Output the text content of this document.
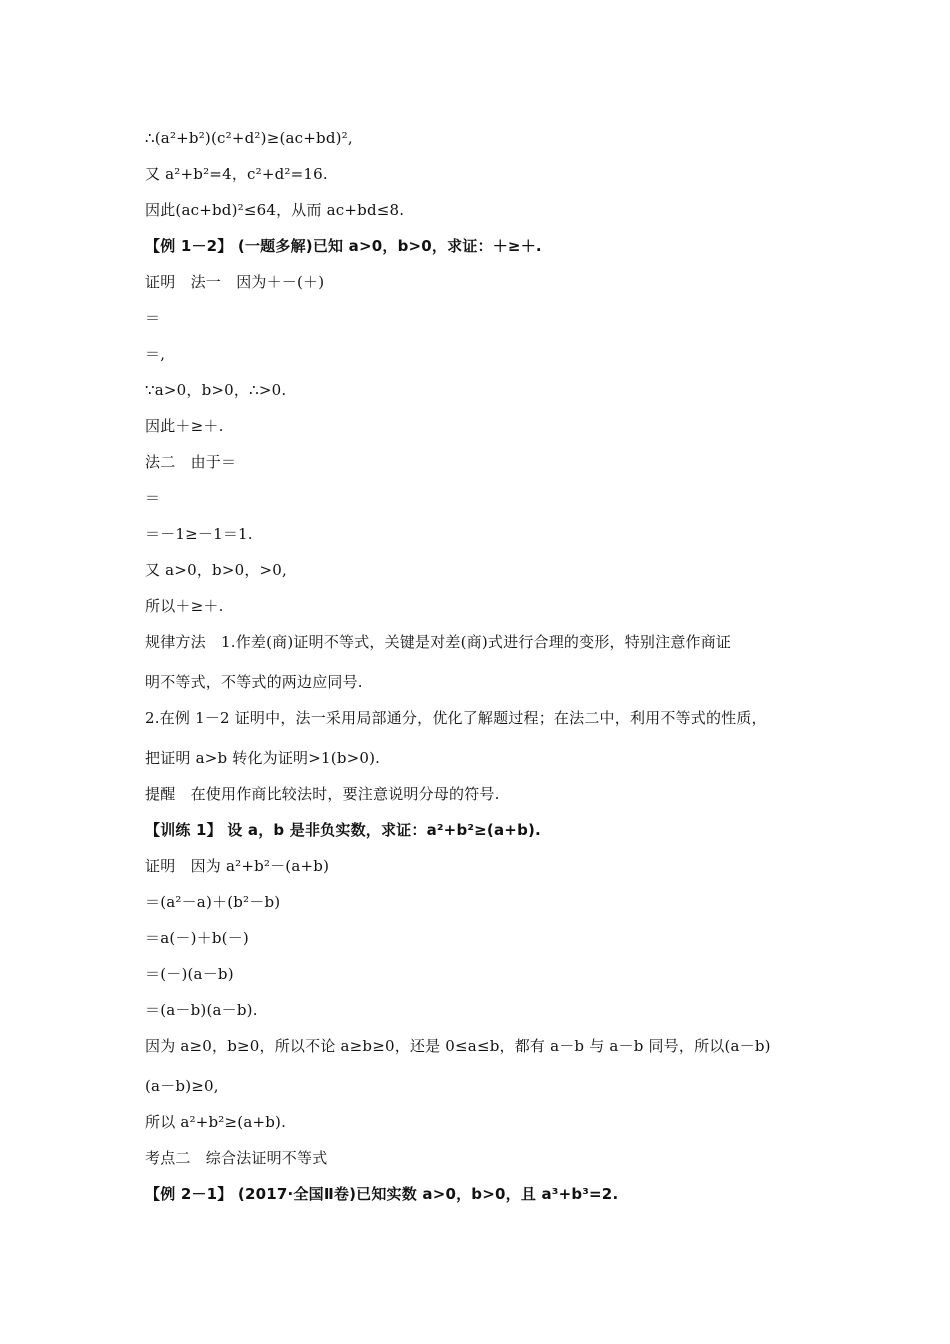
∴(a²+b²)(c²+d²)≥(ac+bd)²,
又 a²+b²=4，c²+d²=16.
因此(ac+bd)²≤64，从而 ac+bd≤8.
【例 1－2】 (一题多解)已知 a>0，b>0，求证：＋≥＋.
证明　法一　因为＋－(＋)
＝
＝,
∵a>0，b>0，∴>0.
因此＋≥＋.
法二　由于＝
＝
＝－1≥－1＝1.
又 a>0，b>0，>0,
所以＋≥＋.
规律方法　1.作差(商)证明不等式，关键是对差(商)式进行合理的变形，特别注意作商证
明不等式，不等式的两边应同号.
2.在例 1－2 证明中，法一采用局部通分，优化了解题过程；在法二中，利用不等式的性质，
把证明 a>b 转化为证明>1(b>0).
提醒　在使用作商比较法时，要注意说明分母的符号.
【训练 1】 设 a，b 是非负实数，求证：a²+b²≥(a+b).
证明　因为 a²+b²－(a+b)
＝(a²－a)＋(b²－b)
＝a(－)＋b(－)
＝(－)(a－b)
＝(a－b)(a－b).
因为 a≥0，b≥0，所以不论 a≥b≥0，还是 0≤a≤b，都有 a－b 与 a－b 同号，所以(a－b)
(a－b)≥0,
所以 a²+b²≥(a+b).
考点二　综合法证明不等式
【例 2－1】 (2017·全国Ⅱ卷)已知实数 a>0，b>0，且 a³+b³=2.
